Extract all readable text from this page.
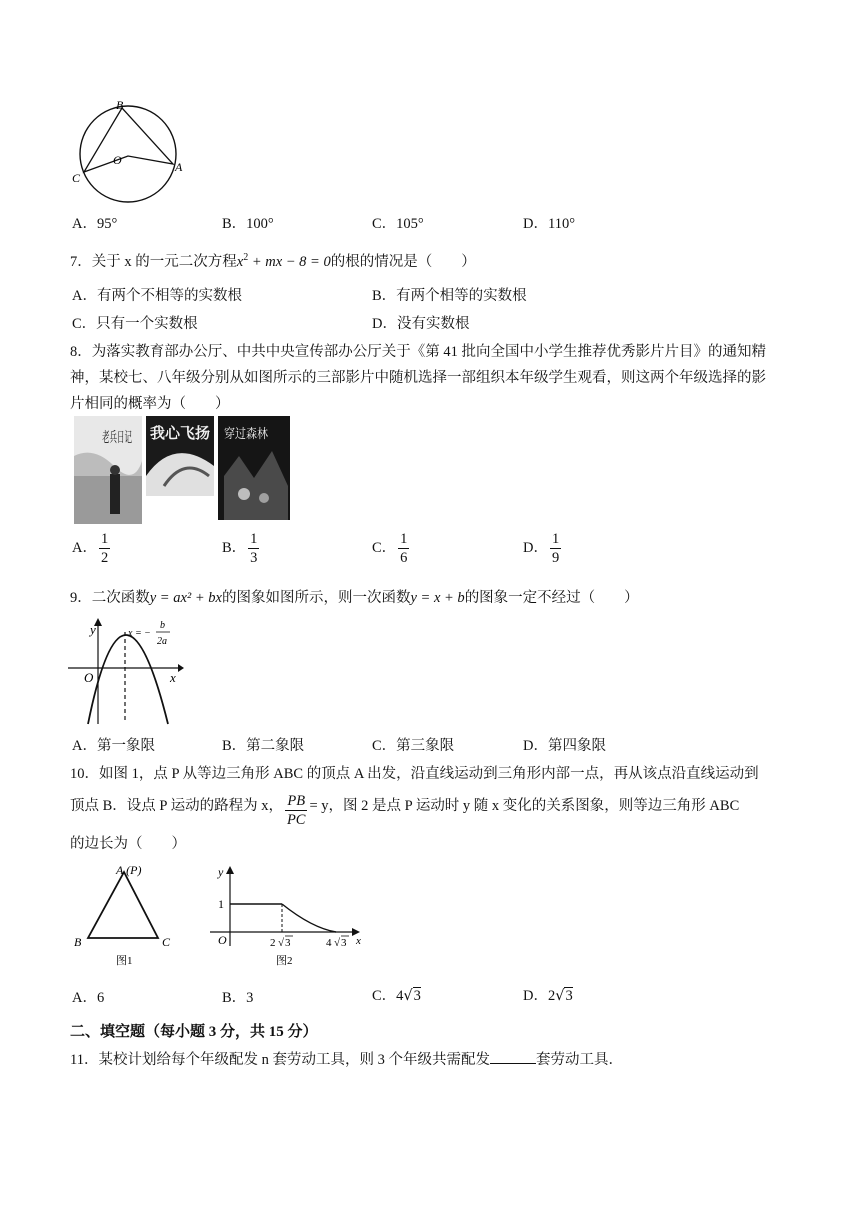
B
C
O	A
A．95°	B．100°	C．105°	D．110°
7．关于 x 的一元二次方程$x^2$ + mx − 8 = 0的根的情况是（　　）
A．有两个不相等的实数根	B．有两个相等的实数根
C．只有一个实数根	D．没有实数根
8．为落实教育部办公厅、中共中央宣传部办公厅关于《第 41 批向全国中小学生推荐优秀影片片目》的通知精
神，某校七、八年级分别从如图所示的三部影片中随机选择一部组织本年级学生观看，则这两个年级选择的影
片相同的概率为（　　）
老兵日记
我心飞扬 穿过森林
A． $\frac{1}{2}$	B． $\frac{1}{3}$	C． $\frac{1}{6}$	D． $\frac{1}{9}$
9．二次函数y = ax² + bx的图象如图所示，则一次函数y = x + b的图象一定不经过（　　）
y
x
O
x = −
b
2a
A．第一象限	B．第二象限	C．第三象限	D．第四象限
10．如图 1，点 P 从等边三角形 ABC 的顶点 A 出发，沿直线运动到三角形内部一点，再从该点沿直线运动到
顶点 B．设点 P 运动的路程为 x， $\frac{PB}{PC} = y$，图 2 是点 P 运动时 y 随 x 变化的关系图象，则等边三角形 ABC
的边长为（　　）
A (P)
B	C
图1
y
x
O
1
2 √ 3	4 √ 3
图2
A．6	B．3	C．4√3	D．2√3
二、填空题（每小题 3 分，共 15 分）
11．某校计划给每个年级配发 n 套劳动工具，则 3 个年级共需配发	套劳动工具．
